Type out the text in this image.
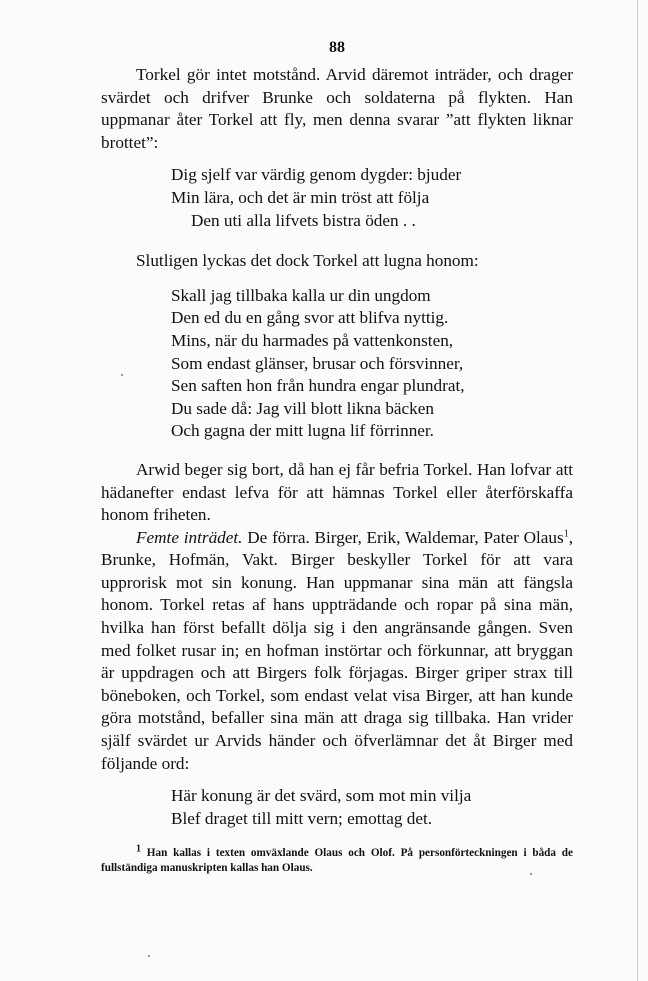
88

Torkel gör intet motstånd. Arvid däremot inträder, och drager svärdet och drifver Brunke och soldaterna på flykten. Han uppmanar åter Torkel att fly, men denna svarar ”att flykten liknar brottet”:

Dig sjelf var värdig genom dygder: bjuder
Min lära, och det är min tröst att följa
Den uti alla lifvets bistra öden . .

Slutligen lyckas det dock Torkel att lugna honom:

Skall jag tillbaka kalla ur din ungdom
Den ed du en gång svor att blifva nyttig.
Mins, när du harmades på vattenkonsten,
Som endast glänser, brusar och försvinner,
Sen saften hon från hundra engar plundrat,
Du sade då: Jag vill blott likna bäcken
Och gagna der mitt lugna lif förrinner.

Arwid beger sig bort, då han ej får befria Torkel. Han lofvar att hädanefter endast lefva för att hämnas Torkel eller återförskaffa honom friheten.

Femte inträdet. De förra. Birger, Erik, Waldemar, Pater Olaus$^1$, Brunke, Hofmän, Vakt. Birger beskyller Torkel för att vara upprorisk mot sin konung. Han uppmanar sina män att fängsla honom. Torkel retas af hans uppträdande och ropar på sina män, hvilka han först befallt dölja sig i den angränsande gången. Sven med folket rusar in; en hofman instörtar och förkunnar, att bryggan är uppdragen och att Birgers folk förjagas. Birger griper strax till böneboken, och Torkel, som endast velat visa Birger, att han kunde göra motstånd, befaller sina män att draga sig tillbaka. Han vrider själf svärdet ur Arvids händer och öfverlämnar det åt Birger med följande ord:

Här konung är det svärd, som mot min vilja
Blef draget till mitt vern; emottag det.

$^1$ Han kallas i texten omväxlande Olaus och Olof. På personförteckningen i båda de fullständiga manuskripten kallas han Olaus.
